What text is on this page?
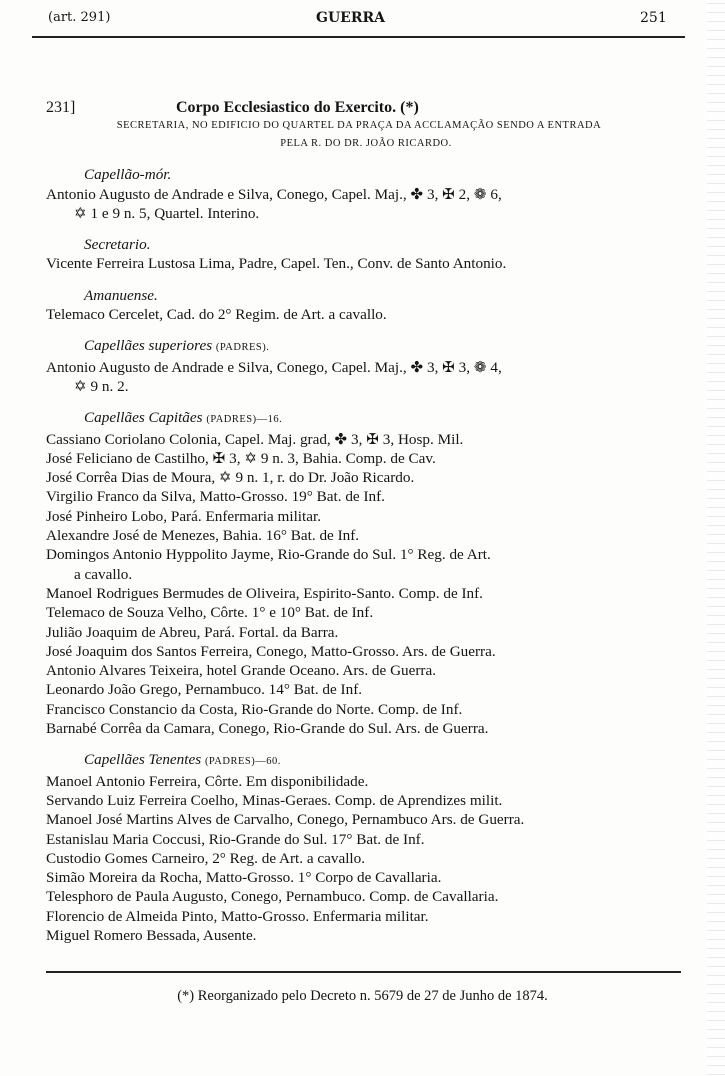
(art. 291)	GUERRA	251
231]	Corpo Ecclesiastico do Exercito. (*)
SECRETARIA, NO EDIFICIO DO QUARTEL DA PRAÇA DA ACCLAMAÇÃO SENDO A ENTRADA
PELA R. DO DR. JOÃO RICARDO.
Capellão-mór.
Antonio Augusto de Andrade e Silva, Conego, Capel. Maj., ✤ 3, ✠ 2, ❁ 6,
✡ 1 e 9 n. 5, Quartel. Interino.
Secretario.
Vicente Ferreira Lustosa Lima, Padre, Capel. Ten., Conv. de Santo Antonio.
Amanuense.
Telemaco Cercelet, Cad. do 2° Regim. de Art. a cavallo.
Capellães superiores (PADRES).
Antonio Augusto de Andrade e Silva, Conego, Capel. Maj., ✤ 3, ✠ 3, ❁ 4,
✡ 9 n. 2.
Capellães Capitães (PADRES)—16.
Cassiano Coriolano Colonia, Capel. Maj. grad, ✤ 3, ✠ 3, Hosp. Mil.
José Feliciano de Castilho, ✠ 3, ✡ 9 n. 3, Bahia. Comp. de Cav.
José Corrêa Dias de Moura, ✡ 9 n. 1, r. do Dr. João Ricardo.
Virgilio Franco da Silva, Matto-Grosso. 19° Bat. de Inf.
José Pinheiro Lobo, Pará. Enfermaria militar.
Alexandre José de Menezes, Bahia. 16° Bat. de Inf.
Domingos Antonio Hyppolito Jayme, Rio-Grande do Sul. 1° Reg. de Art.
a cavallo.
Manoel Rodrigues Bermudes de Oliveira, Espirito-Santo. Comp. de Inf.
Telemaco de Souza Velho, Côrte. 1° e 10° Bat. de Inf.
Julião Joaquim de Abreu, Pará. Fortal. da Barra.
José Joaquim dos Santos Ferreira, Conego, Matto-Grosso. Ars. de Guerra.
Antonio Alvares Teixeira, hotel Grande Oceano. Ars. de Guerra.
Leonardo João Grego, Pernambuco. 14° Bat. de Inf.
Francisco Constancio da Costa, Rio-Grande do Norte. Comp. de Inf.
Barnabé Corrêa da Camara, Conego, Rio-Grande do Sul. Ars. de Guerra.
Capellães Tenentes (PADRES)—60.
Manoel Antonio Ferreira, Côrte. Em disponibilidade.
Servando Luiz Ferreira Coelho, Minas-Geraes. Comp. de Aprendizes milit.
Manoel José Martins Alves de Carvalho, Conego, Pernambuco Ars. de Guerra.
Estanislau Maria Coccusi, Rio-Grande do Sul. 17° Bat. de Inf.
Custodio Gomes Carneiro, 2° Reg. de Art. a cavallo.
Simão Moreira da Rocha, Matto-Grosso. 1° Corpo de Cavallaria.
Telesphoro de Paula Augusto, Conego, Pernambuco. Comp. de Cavallaria.
Florencio de Almeida Pinto, Matto-Grosso. Enfermaria militar.
Miguel Romero Bessada, Ausente.
(*) Reorganizado pelo Decreto n. 5679 de 27 de Junho de 1874.
